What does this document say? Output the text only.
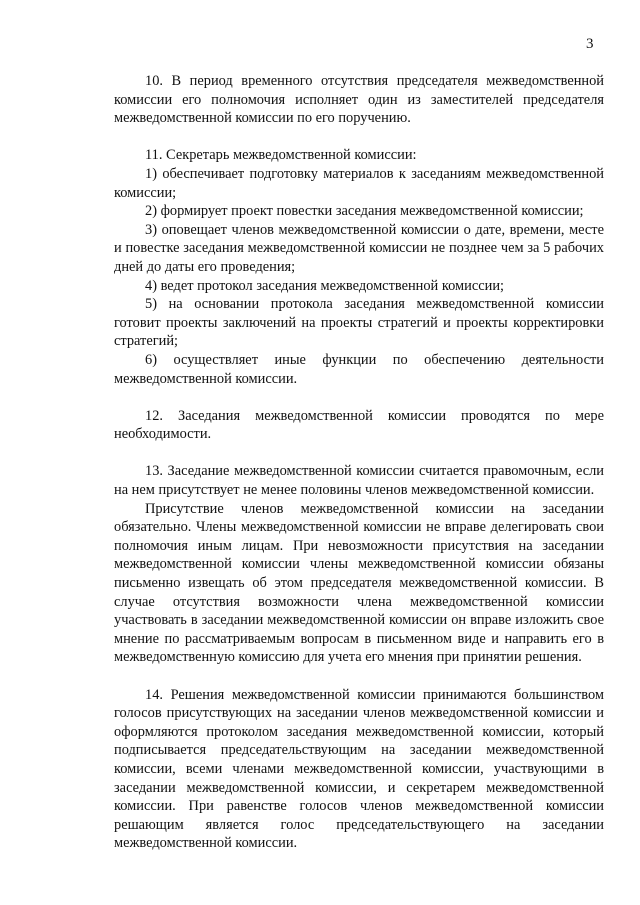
3

10. В период временного отсутствия председателя межведомственной комиссии его полномочия исполняет один из заместителей председателя межведомственной комиссии по его поручению.

11. Секретарь межведомственной комиссии:

1) обеспечивает подготовку материалов к заседаниям межведомственной комиссии;

2) формирует проект повестки заседания межведомственной комиссии;

3) оповещает членов межведомственной комиссии о дате, времени, месте и повестке заседания межведомственной комиссии не позднее чем за 5 рабочих дней до даты его проведения;

4) ведет протокол заседания межведомственной комиссии;

5) на основании протокола заседания межведомственной комиссии готовит проекты заключений на проекты стратегий и проекты корректировки стратегий;

6) осуществляет иные функции по обеспечению деятельности межведомственной комиссии.

12. Заседания межведомственной комиссии проводятся по мере необходимости.

13. Заседание межведомственной комиссии считается правомочным, если на нем присутствует не менее половины членов межведомственной комиссии.

Присутствие членов межведомственной комиссии на заседании обязательно. Члены межведомственной комиссии не вправе делегировать свои полномочия иным лицам. При невозможности присутствия на заседании межведомственной комиссии члены межведомственной комиссии обязаны письменно извещать об этом председателя межведомственной комиссии. В случае отсутствия возможности члена межведомственной комиссии участвовать в заседании межведомственной комиссии он вправе изложить свое мнение по рассматриваемым вопросам в письменном виде и направить его в межведомственную комиссию для учета его мнения при принятии решения.

14. Решения межведомственной комиссии принимаются большинством голосов присутствующих на заседании членов межведомственной комиссии и оформляются протоколом заседания межведомственной комиссии, который подписывается председательствующим на заседании межведомственной комиссии, всеми членами межведомственной комиссии, участвующими в заседании межведомственной комиссии, и секретарем межведомственной комиссии. При равенстве голосов членов межведомственной комиссии решающим является голос председательствующего на заседании межведомственной комиссии.
